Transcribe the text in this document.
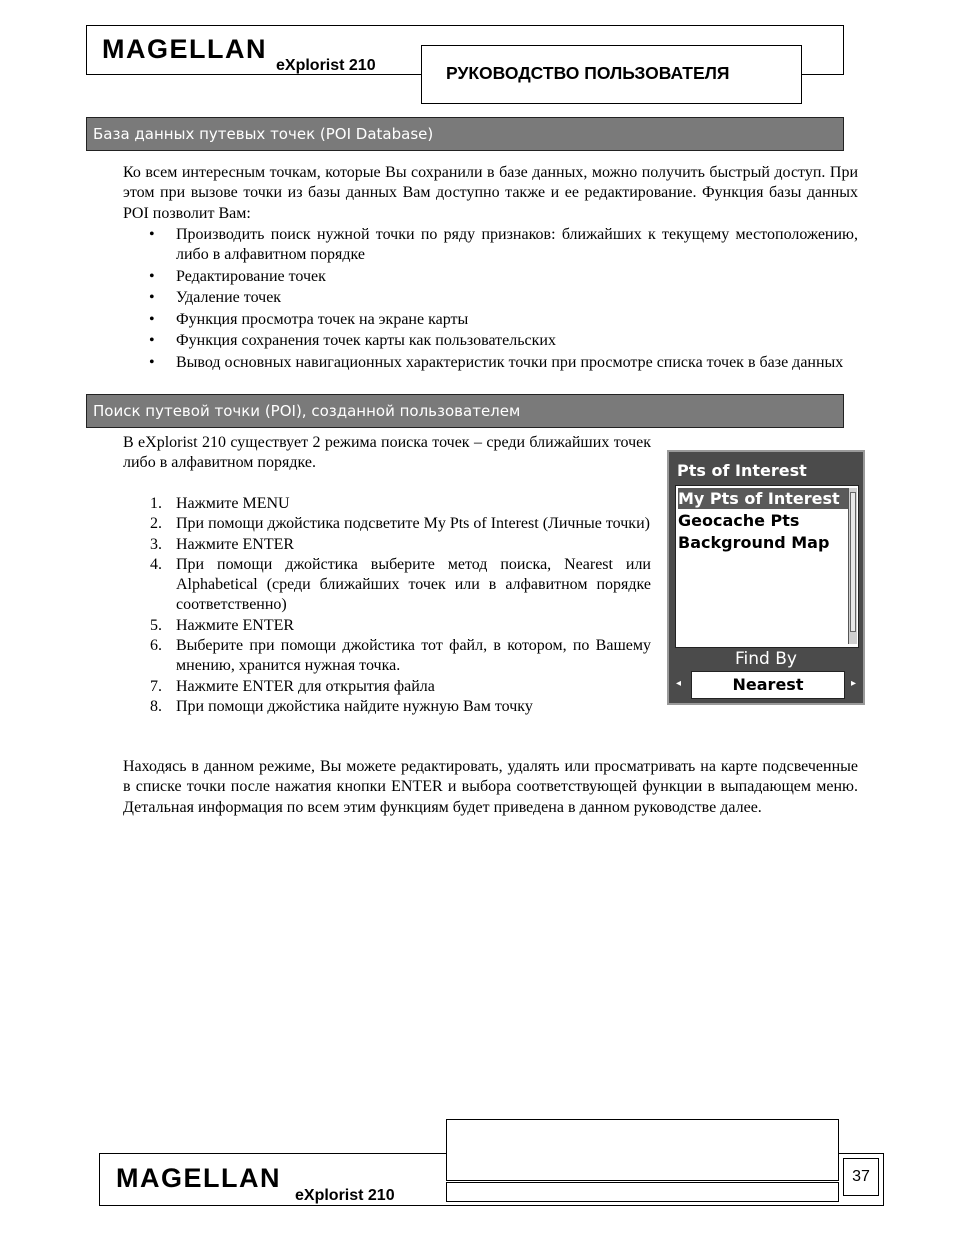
MAGELLAN
eXplorist 210	РУКОВОДСТВО ПОЛЬЗОВАТЕЛЯ
База данных путевых точек (POI Database)
Ко всем интересным точкам, которые Вы сохранили в базе данных, можно получить быстрый доступ. При этом при вызове точки из базы данных Вам доступно также и ее редактирование. Функция базы данных POI позволит Вам:
• Производить поиск нужной точки по ряду признаков: ближайших к текущему местоположению, либо в алфавитном порядке
• Редактирование точек
• Удаление точек
• Функция просмотра точек на экране карты
• Функция сохранения точек карты как пользовательских
• Вывод основных навигационных характеристик точки при просмотре списка точек в базе данных
Поиск путевой точки (POI), созданной пользователем
В eXplorist 210 существует 2 режима поиска точек – среди ближайших точек либо в алфавитном порядке.
1. Нажмите MENU
2. При помощи джойстика подсветите My Pts of Interest (Личные точки)
3. Нажмите ENTER
4. При помощи джойстика выберите метод поиска, Nearest или Alphabetical (среди ближайших точек или в алфавитном порядке соответственно)
5. Нажмите ENTER
6. Выберите при помощи джойстика тот файл, в котором, по Вашему мнению, хранится нужная точка.
7. Нажмите ENTER для открытия файла
8. При помощи джойстика найдите нужную Вам точку
Находясь в данном режиме, Вы можете редактировать, удалять или просматривать на карте подсвеченные в списке точки после нажатия кнопки ENTER и выбора соответствующей функции в выпадающем меню. Детальная информация по всем этим функциям будет приведена в данном руководстве далее.
Pts of Interest
My Pts of Interest
Geocache Pts
Background Map
Find By
◂	Nearest	▸
MAGELLAN
eXplorist 210
37
